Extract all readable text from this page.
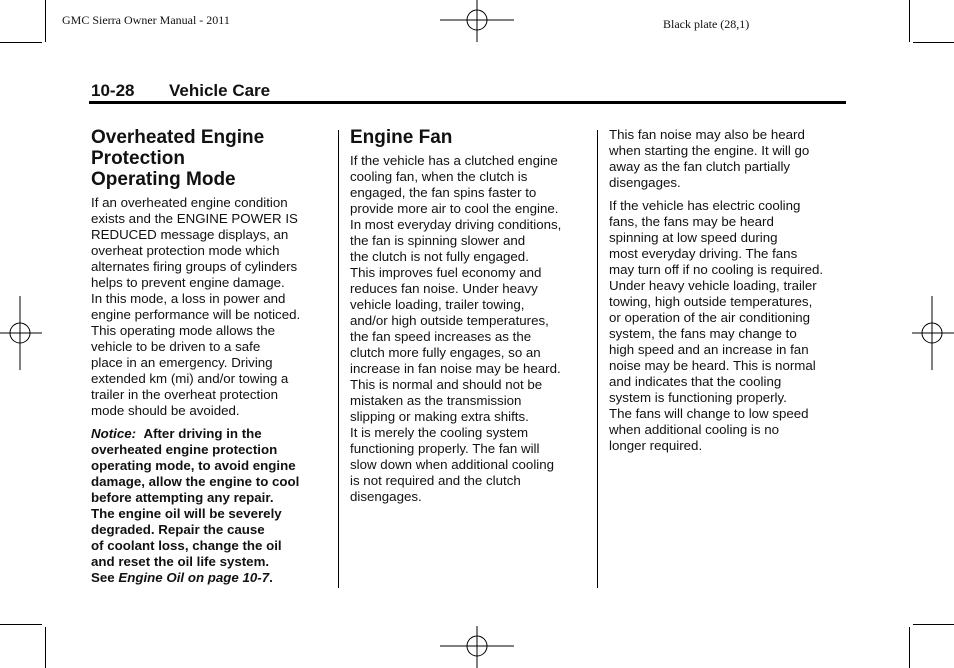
GMC Sierra Owner Manual - 2011	Black plate (28,1)
10-28 Vehicle Care
Overheated Engine
Protection
Operating Mode

If an overheated engine condition
exists and the ENGINE POWER IS
REDUCED message displays, an
overheat protection mode which
alternates firing groups of cylinders
helps to prevent engine damage.
In this mode, a loss in power and
engine performance will be noticed.
This operating mode allows the
vehicle to be driven to a safe
place in an emergency. Driving
extended km (mi) and/or towing a
trailer in the overheat protection
mode should be avoided.

Notice: After driving in the
overheated engine protection
operating mode, to avoid engine
damage, allow the engine to cool
before attempting any repair.
The engine oil will be severely
degraded. Repair the cause
of coolant loss, change the oil
and reset the oil life system.
See Engine Oil on page 10-7.

Engine Fan

If the vehicle has a clutched engine
cooling fan, when the clutch is
engaged, the fan spins faster to
provide more air to cool the engine.
In most everyday driving conditions,
the fan is spinning slower and
the clutch is not fully engaged.
This improves fuel economy and
reduces fan noise. Under heavy
vehicle loading, trailer towing,
and/or high outside temperatures,
the fan speed increases as the
clutch more fully engages, so an
increase in fan noise may be heard.
This is normal and should not be
mistaken as the transmission
slipping or making extra shifts.
It is merely the cooling system
functioning properly. The fan will
slow down when additional cooling
is not required and the clutch
disengages.

This fan noise may also be heard
when starting the engine. It will go
away as the fan clutch partially
disengages.

If the vehicle has electric cooling
fans, the fans may be heard
spinning at low speed during
most everyday driving. The fans
may turn off if no cooling is required.
Under heavy vehicle loading, trailer
towing, high outside temperatures,
or operation of the air conditioning
system, the fans may change to
high speed and an increase in fan
noise may be heard. This is normal
and indicates that the cooling
system is functioning properly.
The fans will change to low speed
when additional cooling is no
longer required.
